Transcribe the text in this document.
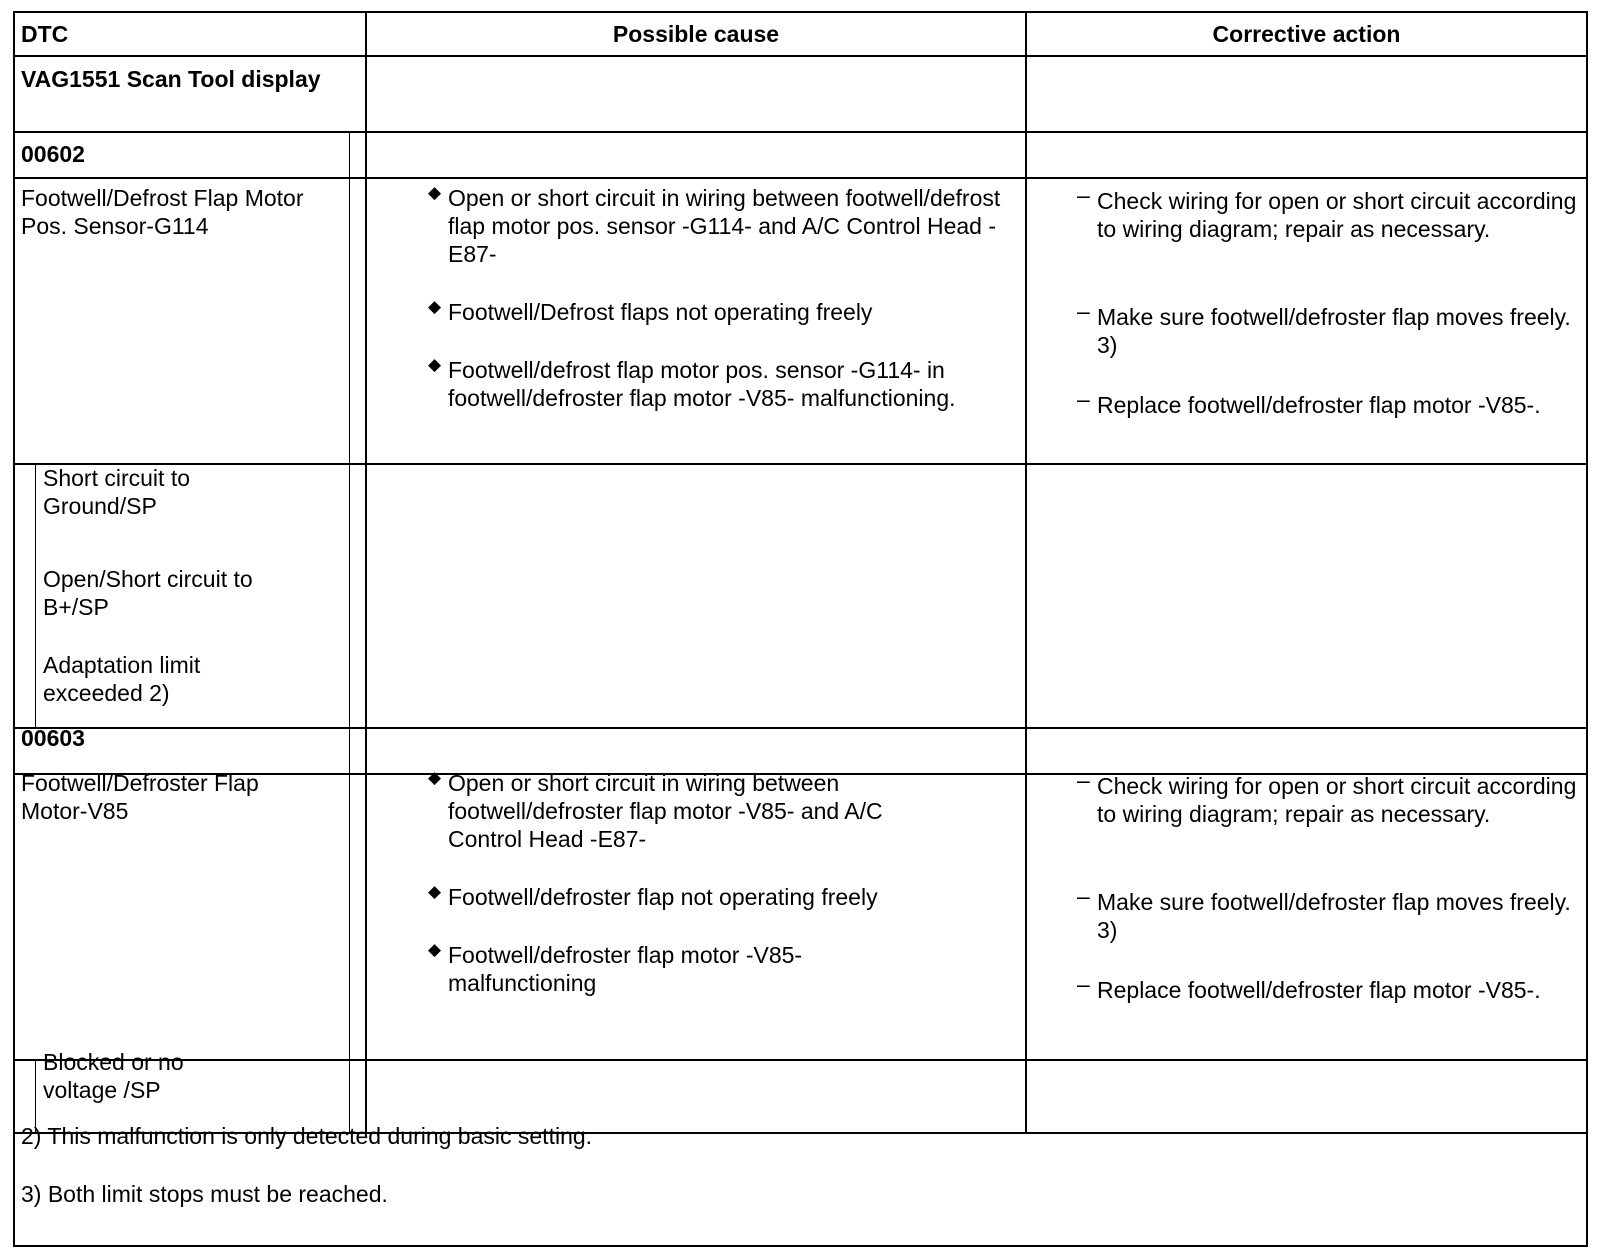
DTC	Possible cause	Corrective action
VAG1551 Scan Tool display
00602
Footwell/Defrost Flap Motor Pos. Sensor-G114
◆ Open or short circuit in wiring between footwell/defrost flap motor pos. sensor -G114- and A/C Control Head -E87-
◆ Footwell/Defrost flaps not operating freely
◆ Footwell/defrost flap motor pos. sensor -G114- in footwell/defroster flap motor -V85- malfunctioning.
– Check wiring for open or short circuit according to wiring diagram; repair as necessary.
– Make sure footwell/defroster flap moves freely. 3)
– Replace footwell/defroster flap motor -V85-.
Short circuit to Ground/SP
Open/Short circuit to B+/SP
Adaptation limit exceeded 2)
00603
Footwell/Defroster Flap Motor-V85
◆ Open or short circuit in wiring between footwell/defroster flap motor -V85- and A/C Control Head -E87-
◆ Footwell/defroster flap not operating freely
◆ Footwell/defroster flap motor -V85- malfunctioning
– Check wiring for open or short circuit according to wiring diagram; repair as necessary.
– Make sure footwell/defroster flap moves freely. 3)
– Replace footwell/defroster flap motor -V85-.
Blocked or no voltage /SP
2) This malfunction is only detected during basic setting.
3) Both limit stops must be reached.
